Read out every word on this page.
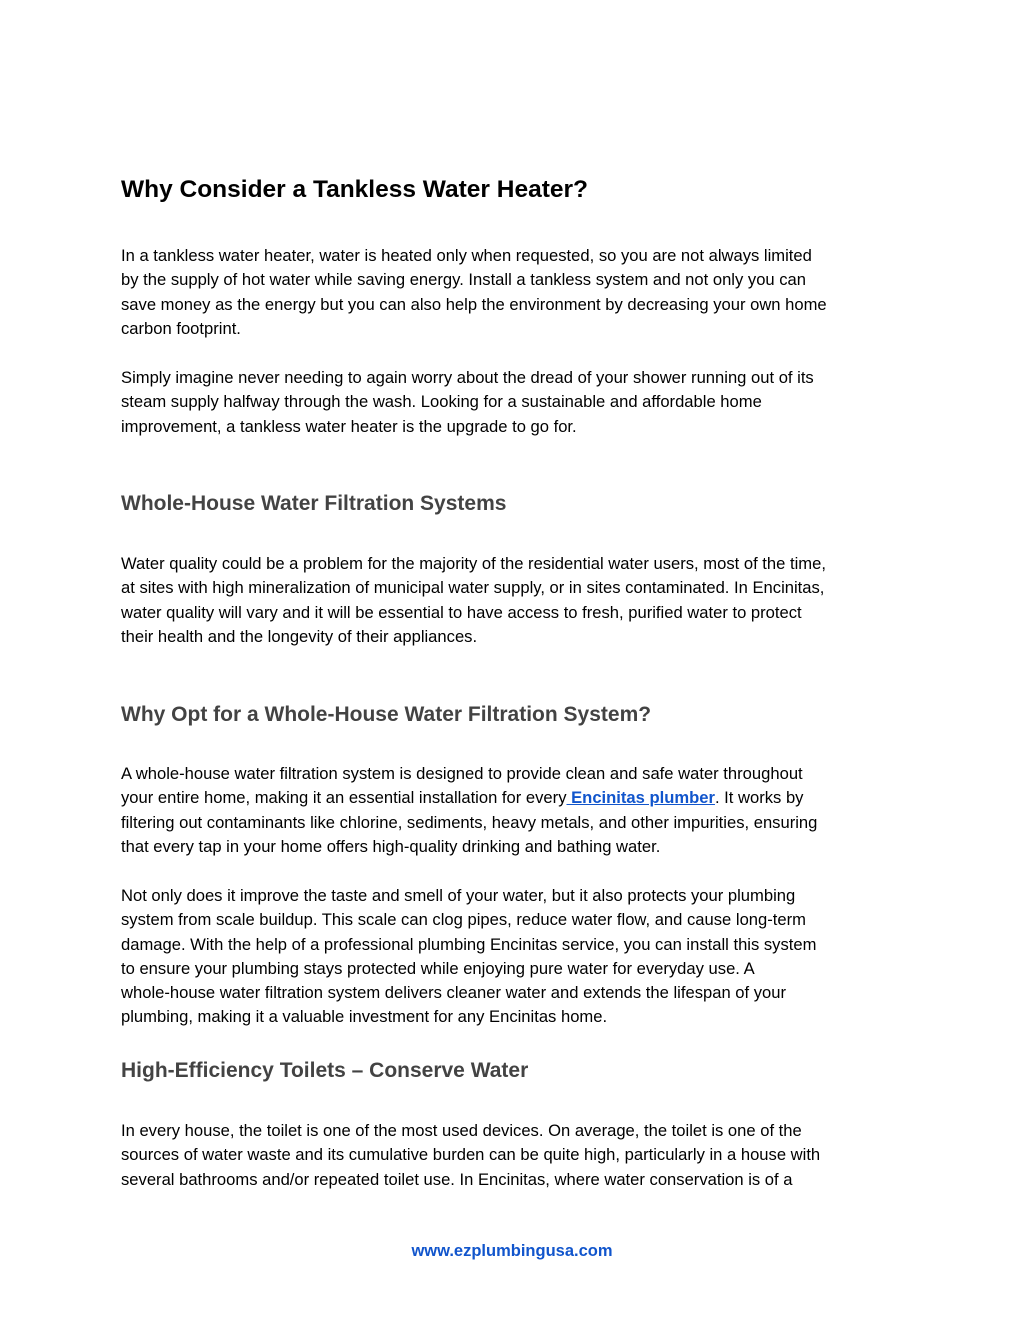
Why Consider a Tankless Water Heater?

In a tankless water heater, water is heated only when requested, so you are not always limited
by the supply of hot water while saving energy. Install a tankless system and not only you can
save money as the energy but you can also help the environment by decreasing your own home
carbon footprint.

Simply imagine never needing to again worry about the dread of your shower running out of its
steam supply halfway through the wash. Looking for a sustainable and affordable home
improvement, a tankless water heater is the upgrade to go for.

Whole-House Water Filtration Systems

Water quality could be a problem for the majority of the residential water users, most of the time,
at sites with high mineralization of municipal water supply, or in sites contaminated. In Encinitas,
water quality will vary and it will be essential to have access to fresh, purified water to protect
their health and the longevity of their appliances.

Why Opt for a Whole-House Water Filtration System?

A whole-house water filtration system is designed to provide clean and safe water throughout
your entire home, making it an essential installation for every Encinitas plumber. It works by
filtering out contaminants like chlorine, sediments, heavy metals, and other impurities, ensuring
that every tap in your home offers high-quality drinking and bathing water.

Not only does it improve the taste and smell of your water, but it also protects your plumbing
system from scale buildup. This scale can clog pipes, reduce water flow, and cause long-term
damage. With the help of a professional plumbing Encinitas service, you can install this system
to ensure your plumbing stays protected while enjoying pure water for everyday use. A
whole-house water filtration system delivers cleaner water and extends the lifespan of your
plumbing, making it a valuable investment for any Encinitas home.

High-Efficiency Toilets – Conserve Water

In every house, the toilet is one of the most used devices. On average, the toilet is one of the
sources of water waste and its cumulative burden can be quite high, particularly in a house with
several bathrooms and/or repeated toilet use. In Encinitas, where water conservation is of a

www.ezplumbingusa.com
